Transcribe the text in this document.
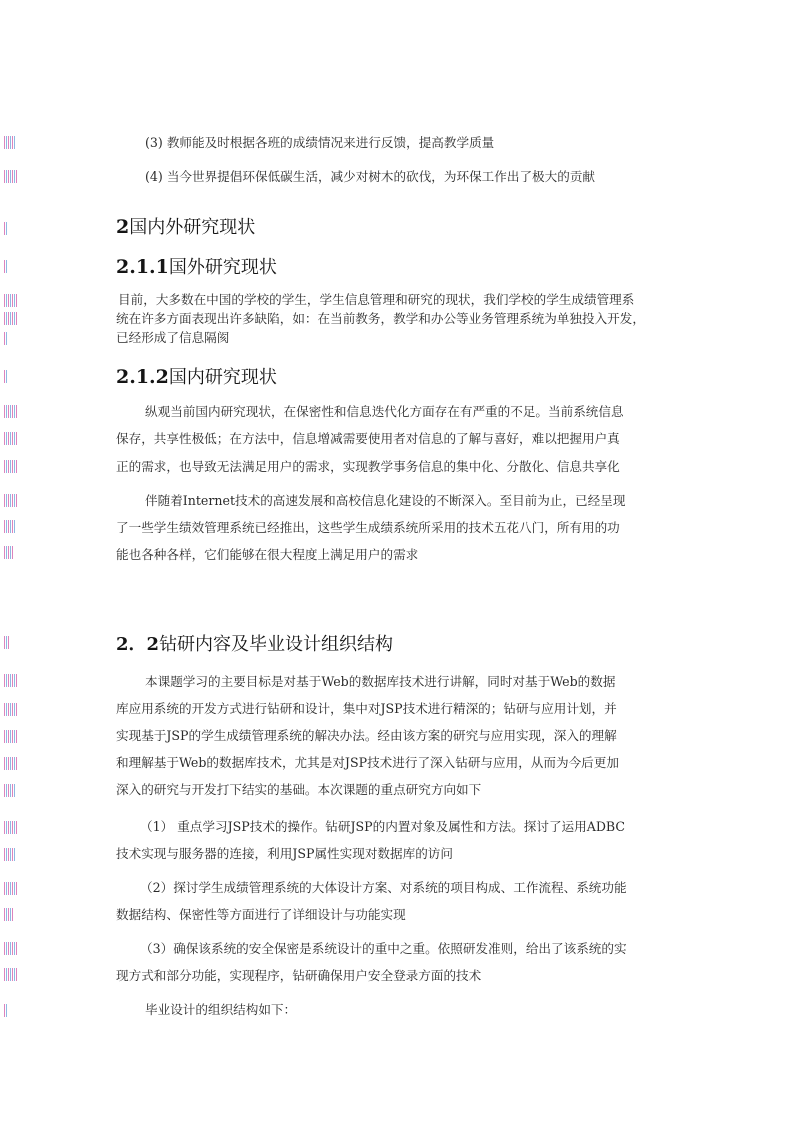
(3) 教师能及时根据各班的成绩情况来进行反馈，提高教学质量
(4) 当今世界提倡环保低碳生活，减少对树木的砍伐，为环保工作出了极大的贡献
2国内外研究现状
2.1.1国外研究现状
目前，大多数在中国的学校的学生，学生信息管理和研究的现状，我们学校的学生成绩管理系
统在许多方面表现出许多缺陷，如：在当前教务，教学和办公等业务管理系统为单独投入开发，
已经形成了信息隔阂
2.1.2国内研究现状
纵观当前国内研究现状，在保密性和信息迭代化方面存在有严重的不足。当前系统信息
保存，共享性极低；在方法中，信息增减需要使用者对信息的了解与喜好，难以把握用户真
正的需求，也导致无法满足用户的需求，实现教学事务信息的集中化、分散化、信息共享化
伴随着Internet技术的高速发展和高校信息化建设的不断深入。至目前为止，已经呈现
了一些学生绩效管理系统已经推出，这些学生成绩系统所采用的技术五花八门，所有用的功
能也各种各样，它们能够在很大程度上满足用户的需求
2．2钻研内容及毕业设计组织结构
本课题学习的主要目标是对基于Web的数据库技术进行讲解，同时对基于Web的数据
库应用系统的开发方式进行钻研和设计，集中对JSP技术进行精深的；钻研与应用计划，并
实现基于JSP的学生成绩管理系统的解决办法。经由该方案的研究与应用实现，深入的理解
和理解基于Web的数据库技术，尤其是对JSP技术进行了深入钻研与应用，从而为今后更加
深入的研究与开发打下结实的基础。本次课题的重点研究方向如下
（1） 重点学习JSP技术的操作。钻研JSP的内置对象及属性和方法。探讨了运用ADBC
技术实现与服务器的连接，利用JSP属性实现对数据库的访问
（2）探讨学生成绩管理系统的大体设计方案、对系统的项目构成、工作流程、系统功能
数据结构、保密性等方面进行了详细设计与功能实现
（3）确保该系统的安全保密是系统设计的重中之重。依照研发准则，给出了该系统的实
现方式和部分功能，实现程序，钻研确保用户安全登录方面的技术
毕业设计的组织结构如下：
